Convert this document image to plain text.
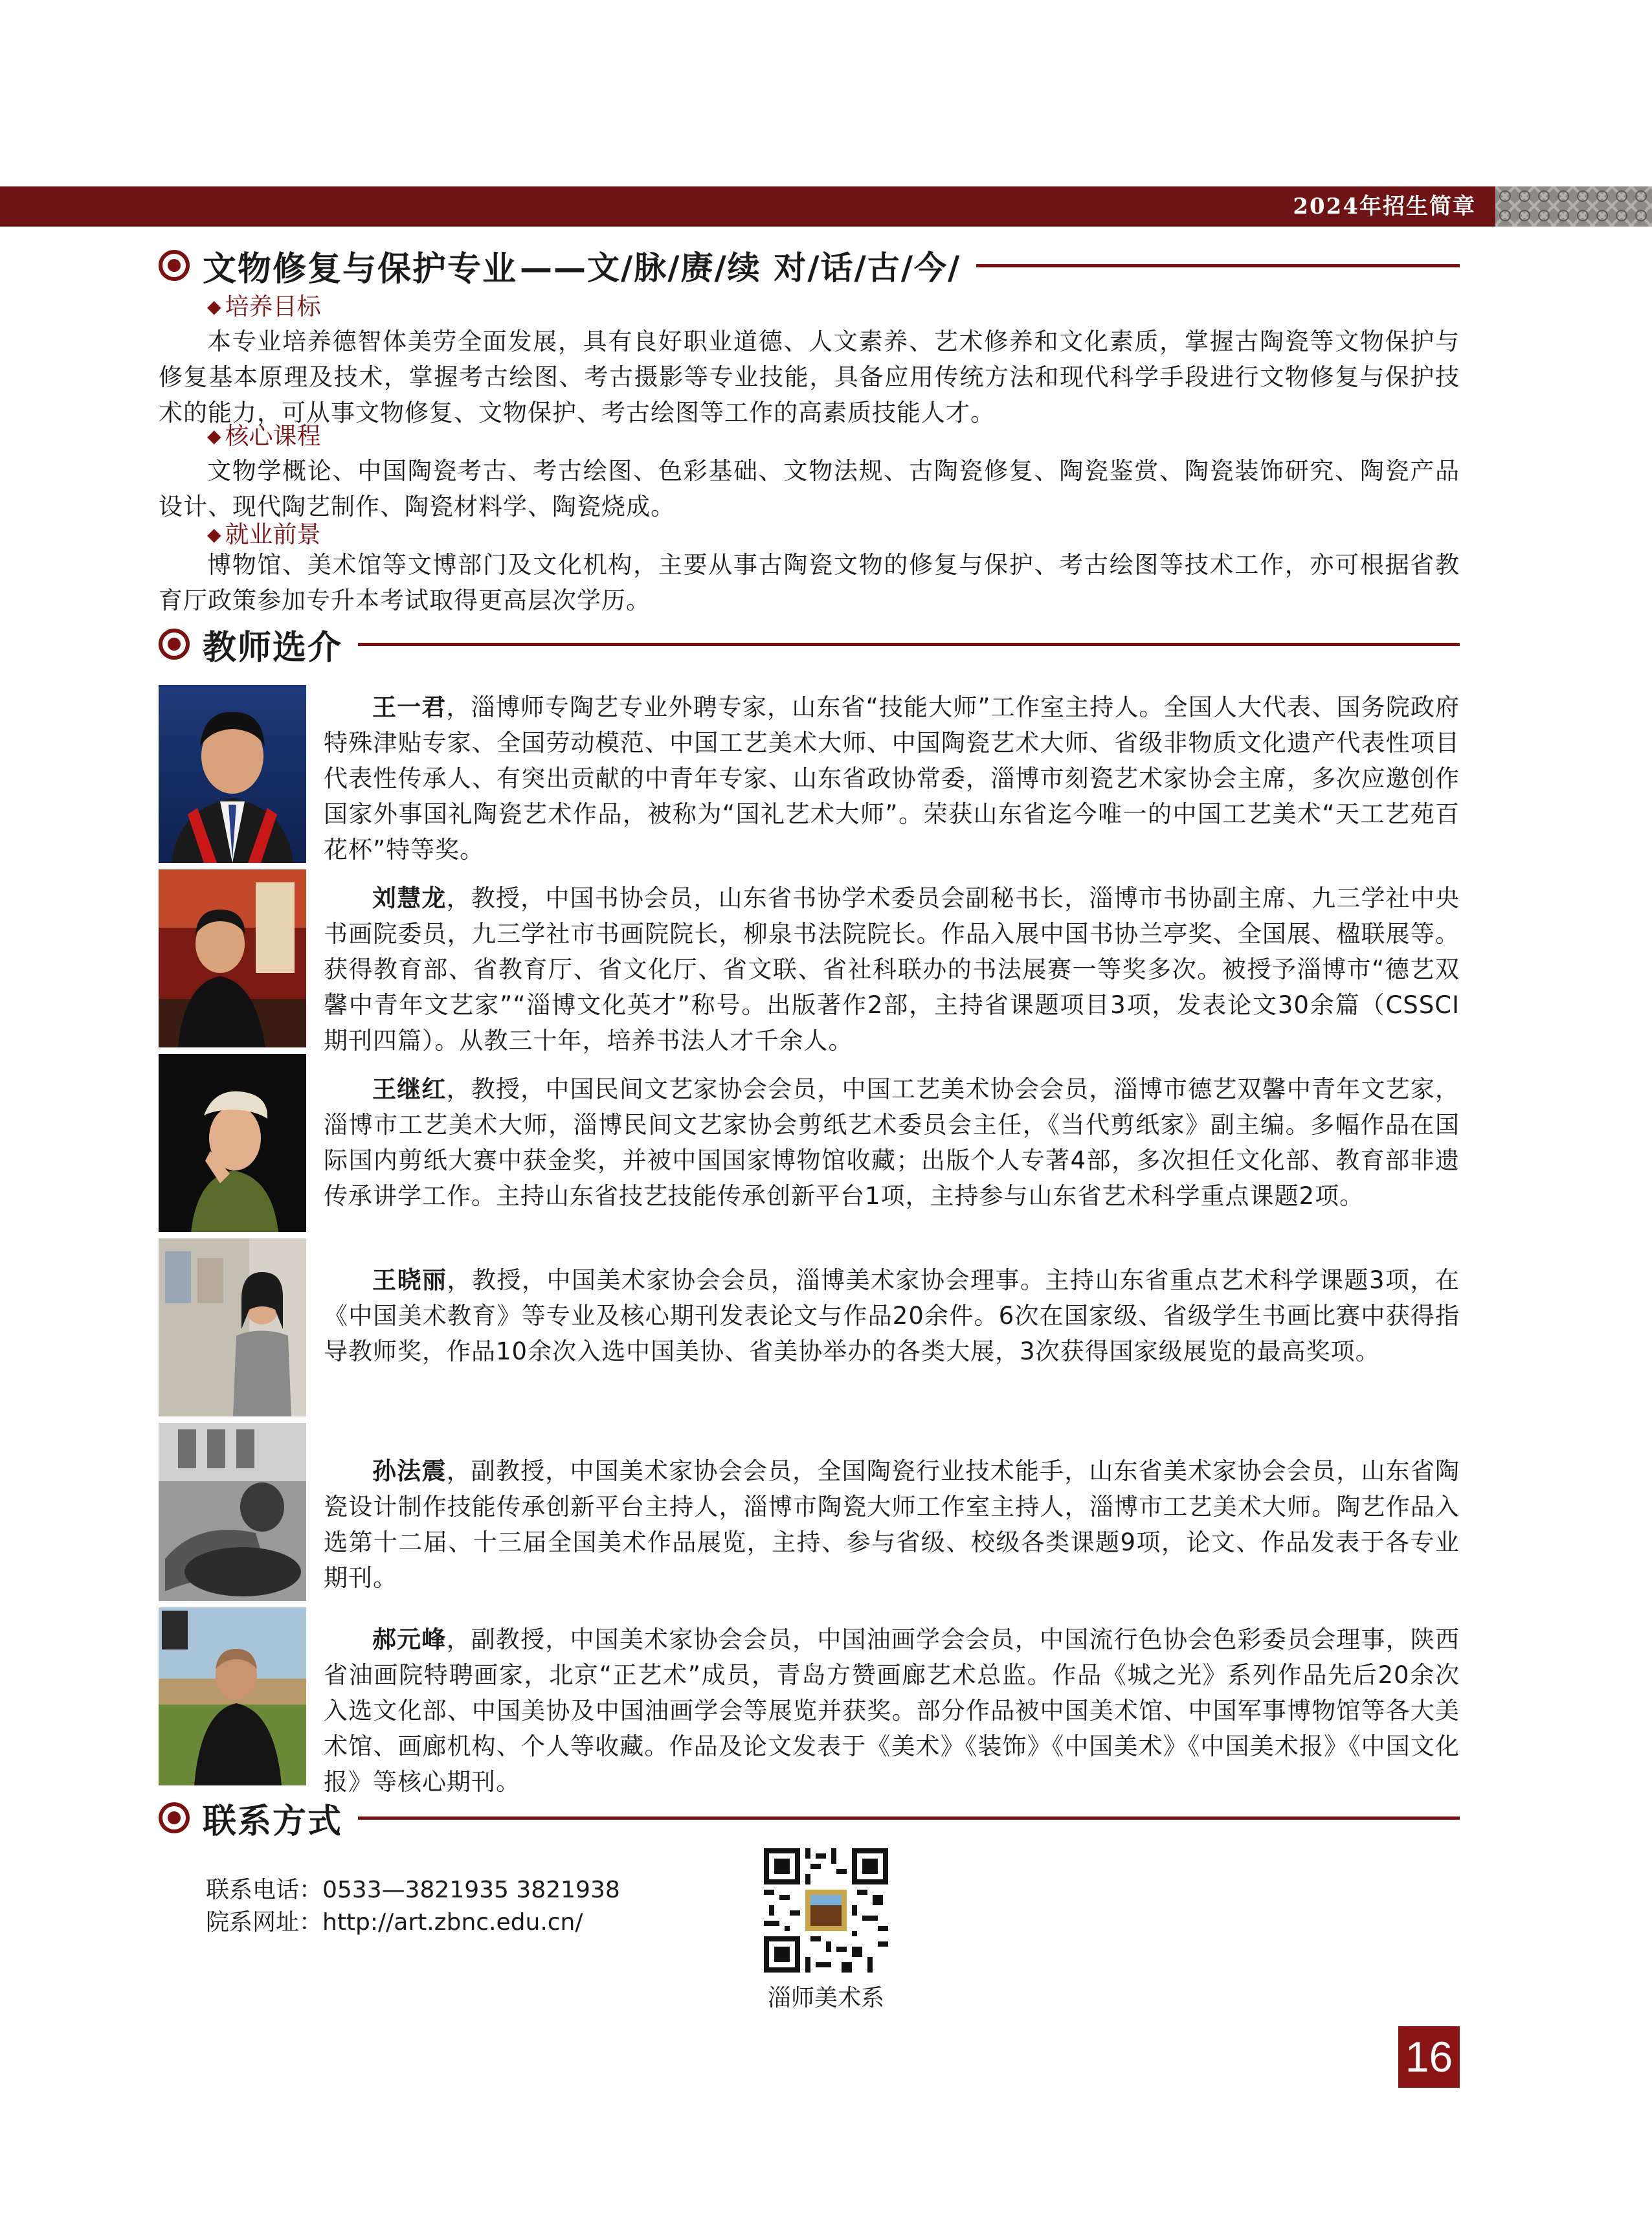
2024年招生简章
文物修复与保护专业 ——文/脉/赓/续 对/话/古/今/
◆ 培养目标
本专业培养德智体美劳全面发展，具有良好职业道德、人文素养、艺术修养和文化素质，掌握古陶瓷等文物保护与修复基本原理及技术，掌握考古绘图、考古摄影等专业技能，具备应用传统方法和现代科学手段进行文物修复与保护技术的能力，可从事文物修复、文物保护、考古绘图等工作的高素质技能人才。
◆ 核心课程
文物学概论、中国陶瓷考古、考古绘图、色彩基础、文物法规、古陶瓷修复、陶瓷鉴赏、陶瓷装饰研究、陶瓷产品设计、现代陶艺制作、陶瓷材料学、陶瓷烧成。
◆ 就业前景
博物馆、美术馆等文博部门及文化机构，主要从事古陶瓷文物的修复与保护、考古绘图等技术工作，亦可根据省教育厅政策参加专升本考试取得更高层次学历。
教师选介
王一君，淄博师专陶艺专业外聘专家，山东省“技能大师”工作室主持人。全国人大代表、国务院政府特殊津贴专家、全国劳动模范、中国工艺美术大师、中国陶瓷艺术大师、省级非物质文化遗产代表性项目代表性传承人、有突出贡献的中青年专家、山东省政协常委，淄博市刻瓷艺术家协会主席，多次应邀创作国家外事国礼陶瓷艺术作品，被称为“国礼艺术大师”。荣获山东省迄今唯一的中国工艺美术“天工艺苑百花杯”特等奖。
刘慧龙，教授，中国书协会员，山东省书协学术委员会副秘书长，淄博市书协副主席、九三学社中央书画院委员，九三学社市书画院院长，柳泉书法院院长。作品入展中国书协兰亭奖、全国展、楹联展等。获得教育部、省教育厅、省文化厅、省文联、省社科联办的书法展赛一等奖多次。被授予淄博市“德艺双馨中青年文艺家”“淄博文化英才”称号。出版著作2部，主持省课题项目3项，发表论文30余篇（CSSCI期刊四篇）。从教三十年，培养书法人才千余人。
王继红，教授，中国民间文艺家协会会员，中国工艺美术协会会员，淄博市德艺双馨中青年文艺家，淄博市工艺美术大师，淄博民间文艺家协会剪纸艺术委员会主任，《当代剪纸家》副主编。多幅作品在国际国内剪纸大赛中获金奖，并被中国国家博物馆收藏；出版个人专著4部，多次担任文化部、教育部非遗传承讲学工作。主持山东省技艺技能传承创新平台1项，主持参与山东省艺术科学重点课题2项。
王晓丽，教授，中国美术家协会会员，淄博美术家协会理事。主持山东省重点艺术科学课题3项，在《中国美术教育》等专业及核心期刊发表论文与作品20余件。6次在国家级、省级学生书画比赛中获得指导教师奖，作品10余次入选中国美协、省美协举办的各类大展，3次获得国家级展览的最高奖项。
孙法震，副教授，中国美术家协会会员，全国陶瓷行业技术能手，山东省美术家协会会员，山东省陶瓷设计制作技能传承创新平台主持人，淄博市陶瓷大师工作室主持人，淄博市工艺美术大师。陶艺作品入选第十二届、十三届全国美术作品展览，主持、参与省级、校级各类课题9项，论文、作品发表于各专业期刊。
郝元峰，副教授，中国美术家协会会员，中国油画学会会员，中国流行色协会色彩委员会理事，陕西省油画院特聘画家，北京“正艺术”成员，青岛方赞画廊艺术总监。作品《城之光》系列作品先后20余次入选文化部、中国美协及中国油画学会等展览并获奖。部分作品被中国美术馆、中国军事博物馆等各大美术馆、画廊机构、个人等收藏。作品及论文发表于《美术》《装饰》《中国美术》《中国美术报》《中国文化报》等核心期刊。
联系方式
联系电话：0533—3821935 3821938
院系网址：http://art.zbnc.edu.cn/
淄师美术系
16
